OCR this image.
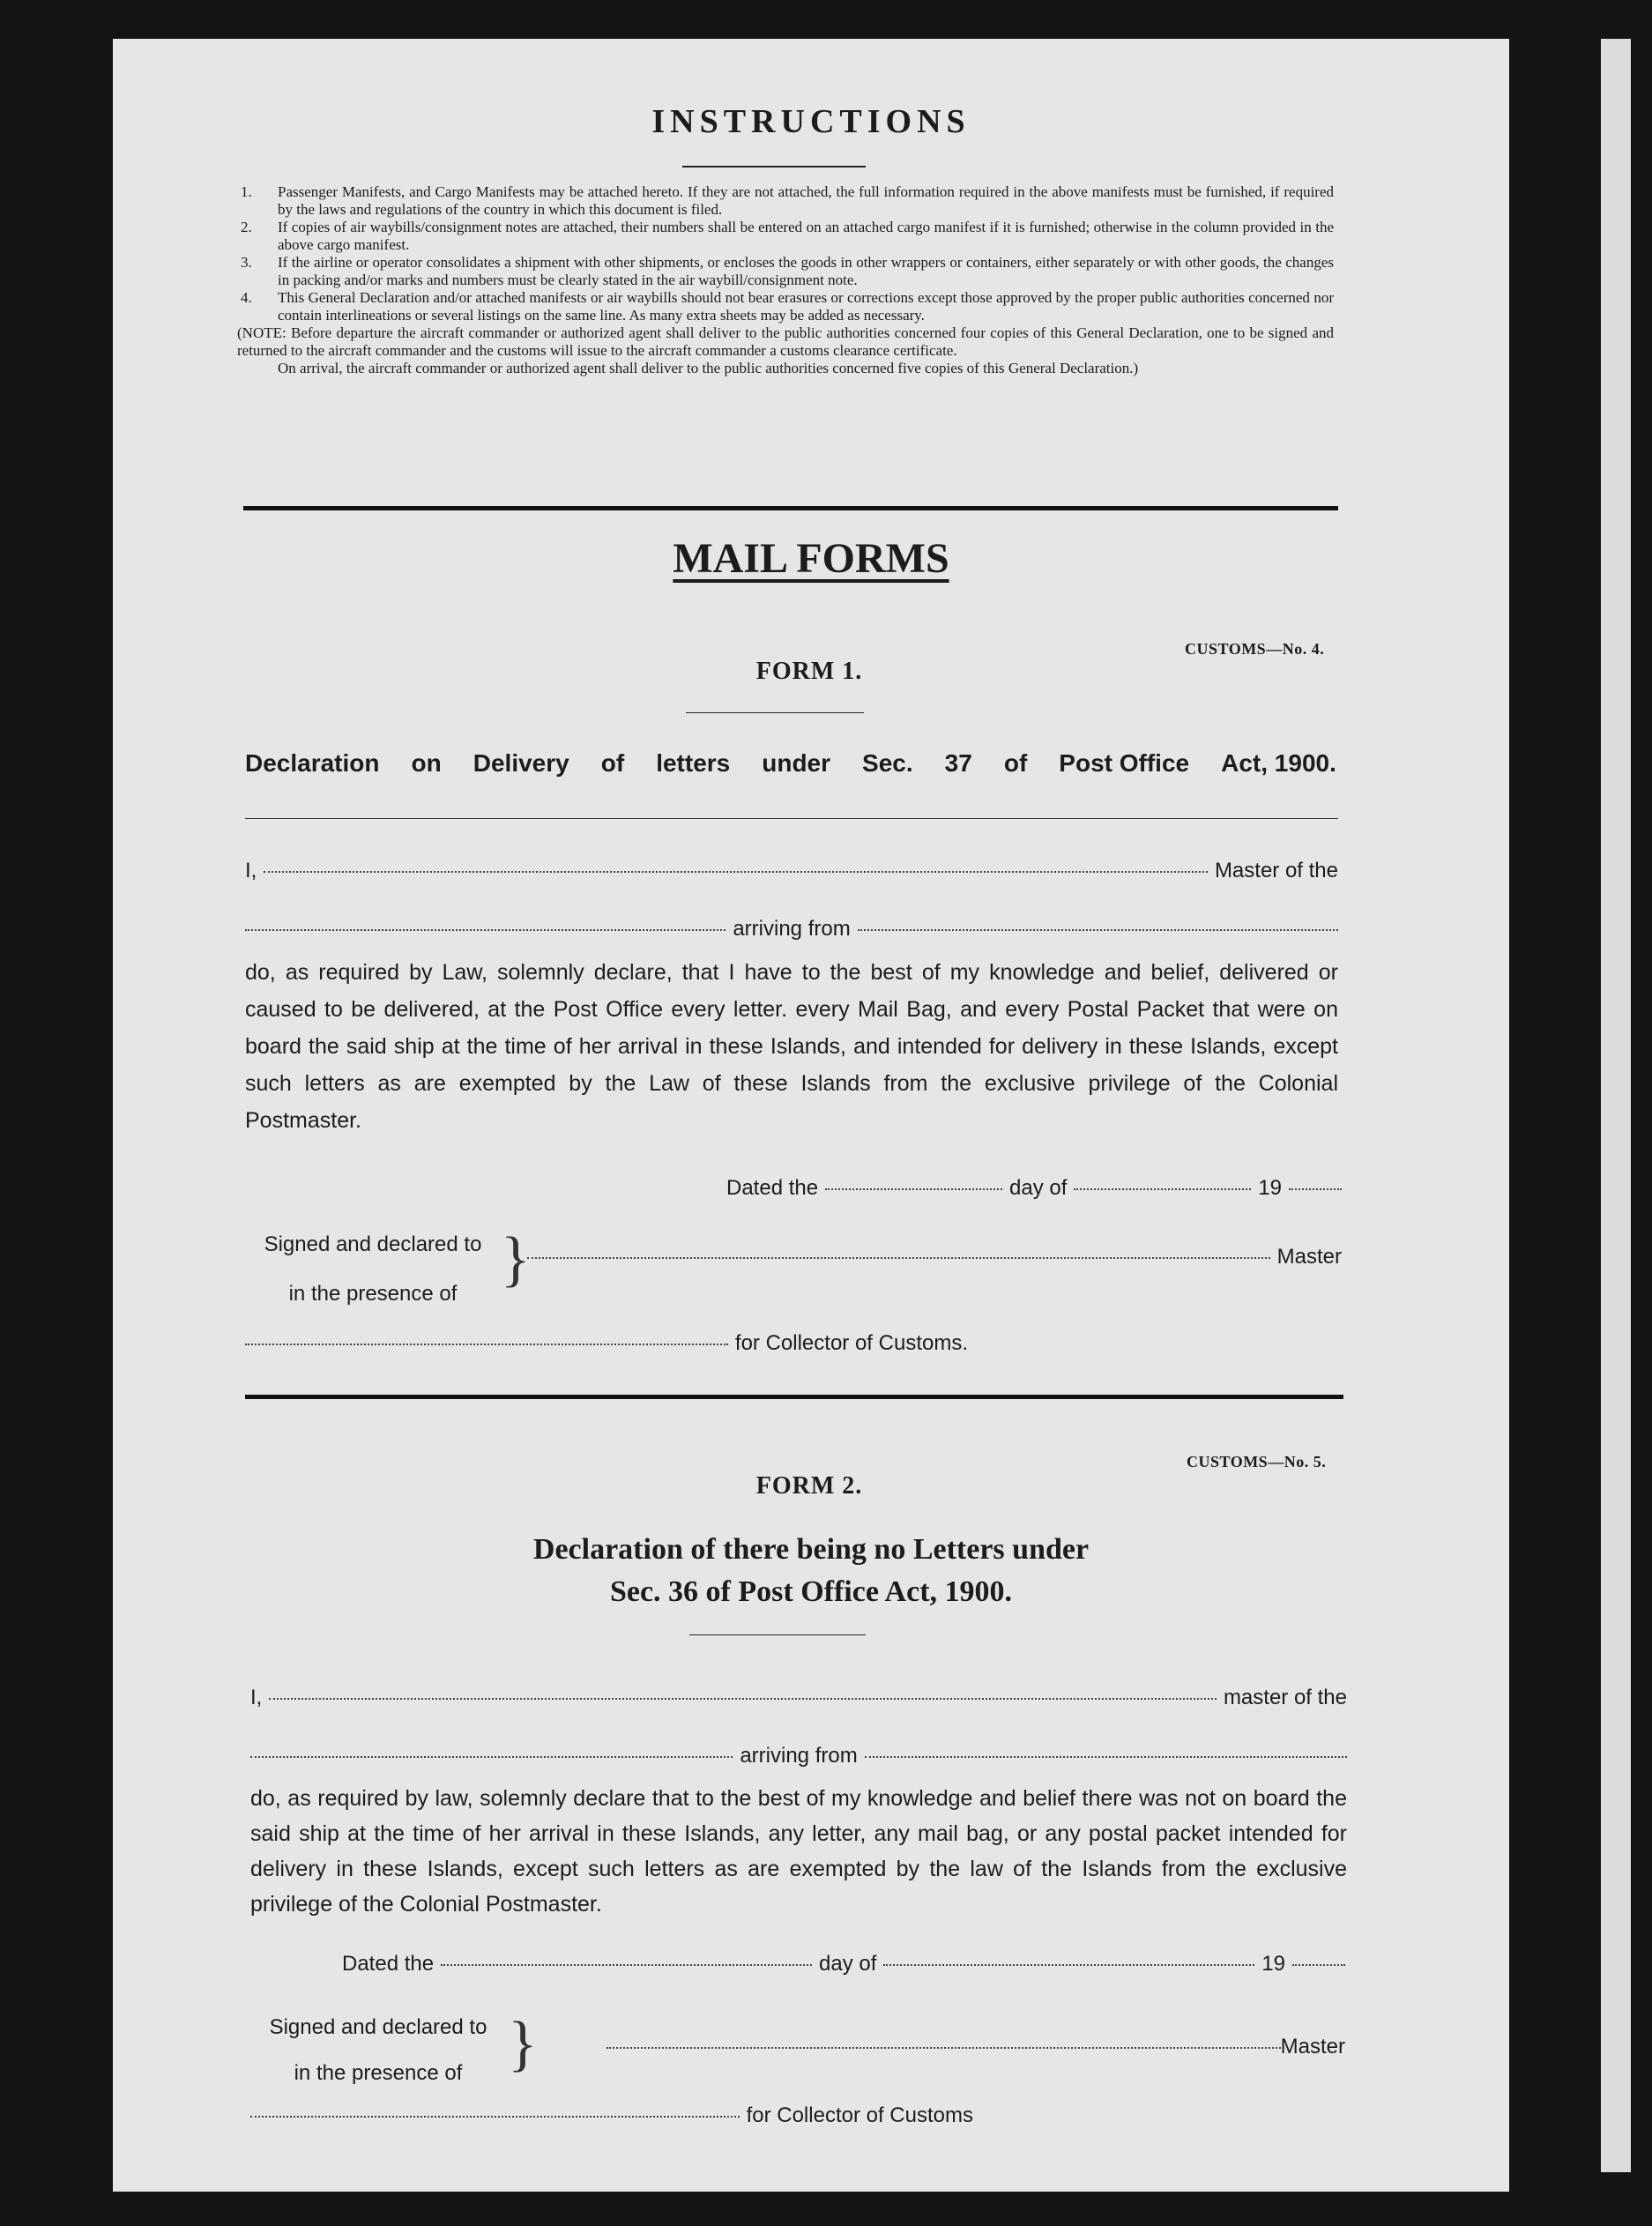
INSTRUCTIONS
1.	Passenger Manifests, and Cargo Manifests may be attached hereto. If they are not attached, the full information required in the above manifests must be furnished, if required by the laws and regulations of the country in which this document is filed.
2.	If copies of air waybills/consignment notes are attached, their numbers shall be entered on an attached cargo manifest if it is furnished; otherwise in the column provided in the above cargo manifest.
3.	If the airline or operator consolidates a shipment with other shipments, or encloses the goods in other wrappers or containers, either separately or with other goods, the changes in packing and/or marks and numbers must be clearly stated in the air waybill/consignment note.
4.	This General Declaration and/or attached manifests or air waybills should not bear erasures or corrections except those approved by the proper public authorities concerned nor contain interlineations or several listings on the same line. As many extra sheets may be added as necessary.
(NOTE: Before departure the aircraft commander or authorized agent shall deliver to the public authorities concerned four copies of this General Declaration, one to be signed and returned to the aircraft commander and the customs will issue to the aircraft commander a customs clearance certificate.
On arrival, the aircraft commander or authorized agent shall deliver to the public authorities concerned five copies of this General Declaration.)
MAIL FORMS
CUSTOMS—No. 4.
FORM 1.
Declaration on Delivery of letters under Sec. 37 of Post Office Act, 1900.
I,	Master of the
arriving from
do, as required by Law, solemnly declare, that I have to the best of my knowledge and belief, delivered or caused to be delivered, at the Post Office every letter. every Mail Bag, and every Postal Packet that were on board the said ship at the time of her arrival in these Islands, and intended for delivery in these Islands, except such letters as are exempted by the Law of these Islands from the exclusive privilege of the Colonial Postmaster.
Dated the	day of	19
Signed and declared to
in the presence of
}	Master
for Collector of Customs.
CUSTOMS—No. 5.
FORM 2.
Declaration of there being no Letters under
Sec. 36 of Post Office Act, 1900.
I,	master of the
arriving from
do, as required by law, solemnly declare that to the best of my knowledge and belief there was not on board the said ship at the time of her arrival in these Islands, any letter, any mail bag, or any postal packet intended for delivery in these Islands, except such letters as are exempted by the law of the Islands from the exclusive privilege of the Colonial Postmaster.
Dated the	day of	19
Signed and declared to
in the presence of }	Master
for Collector of Customs
